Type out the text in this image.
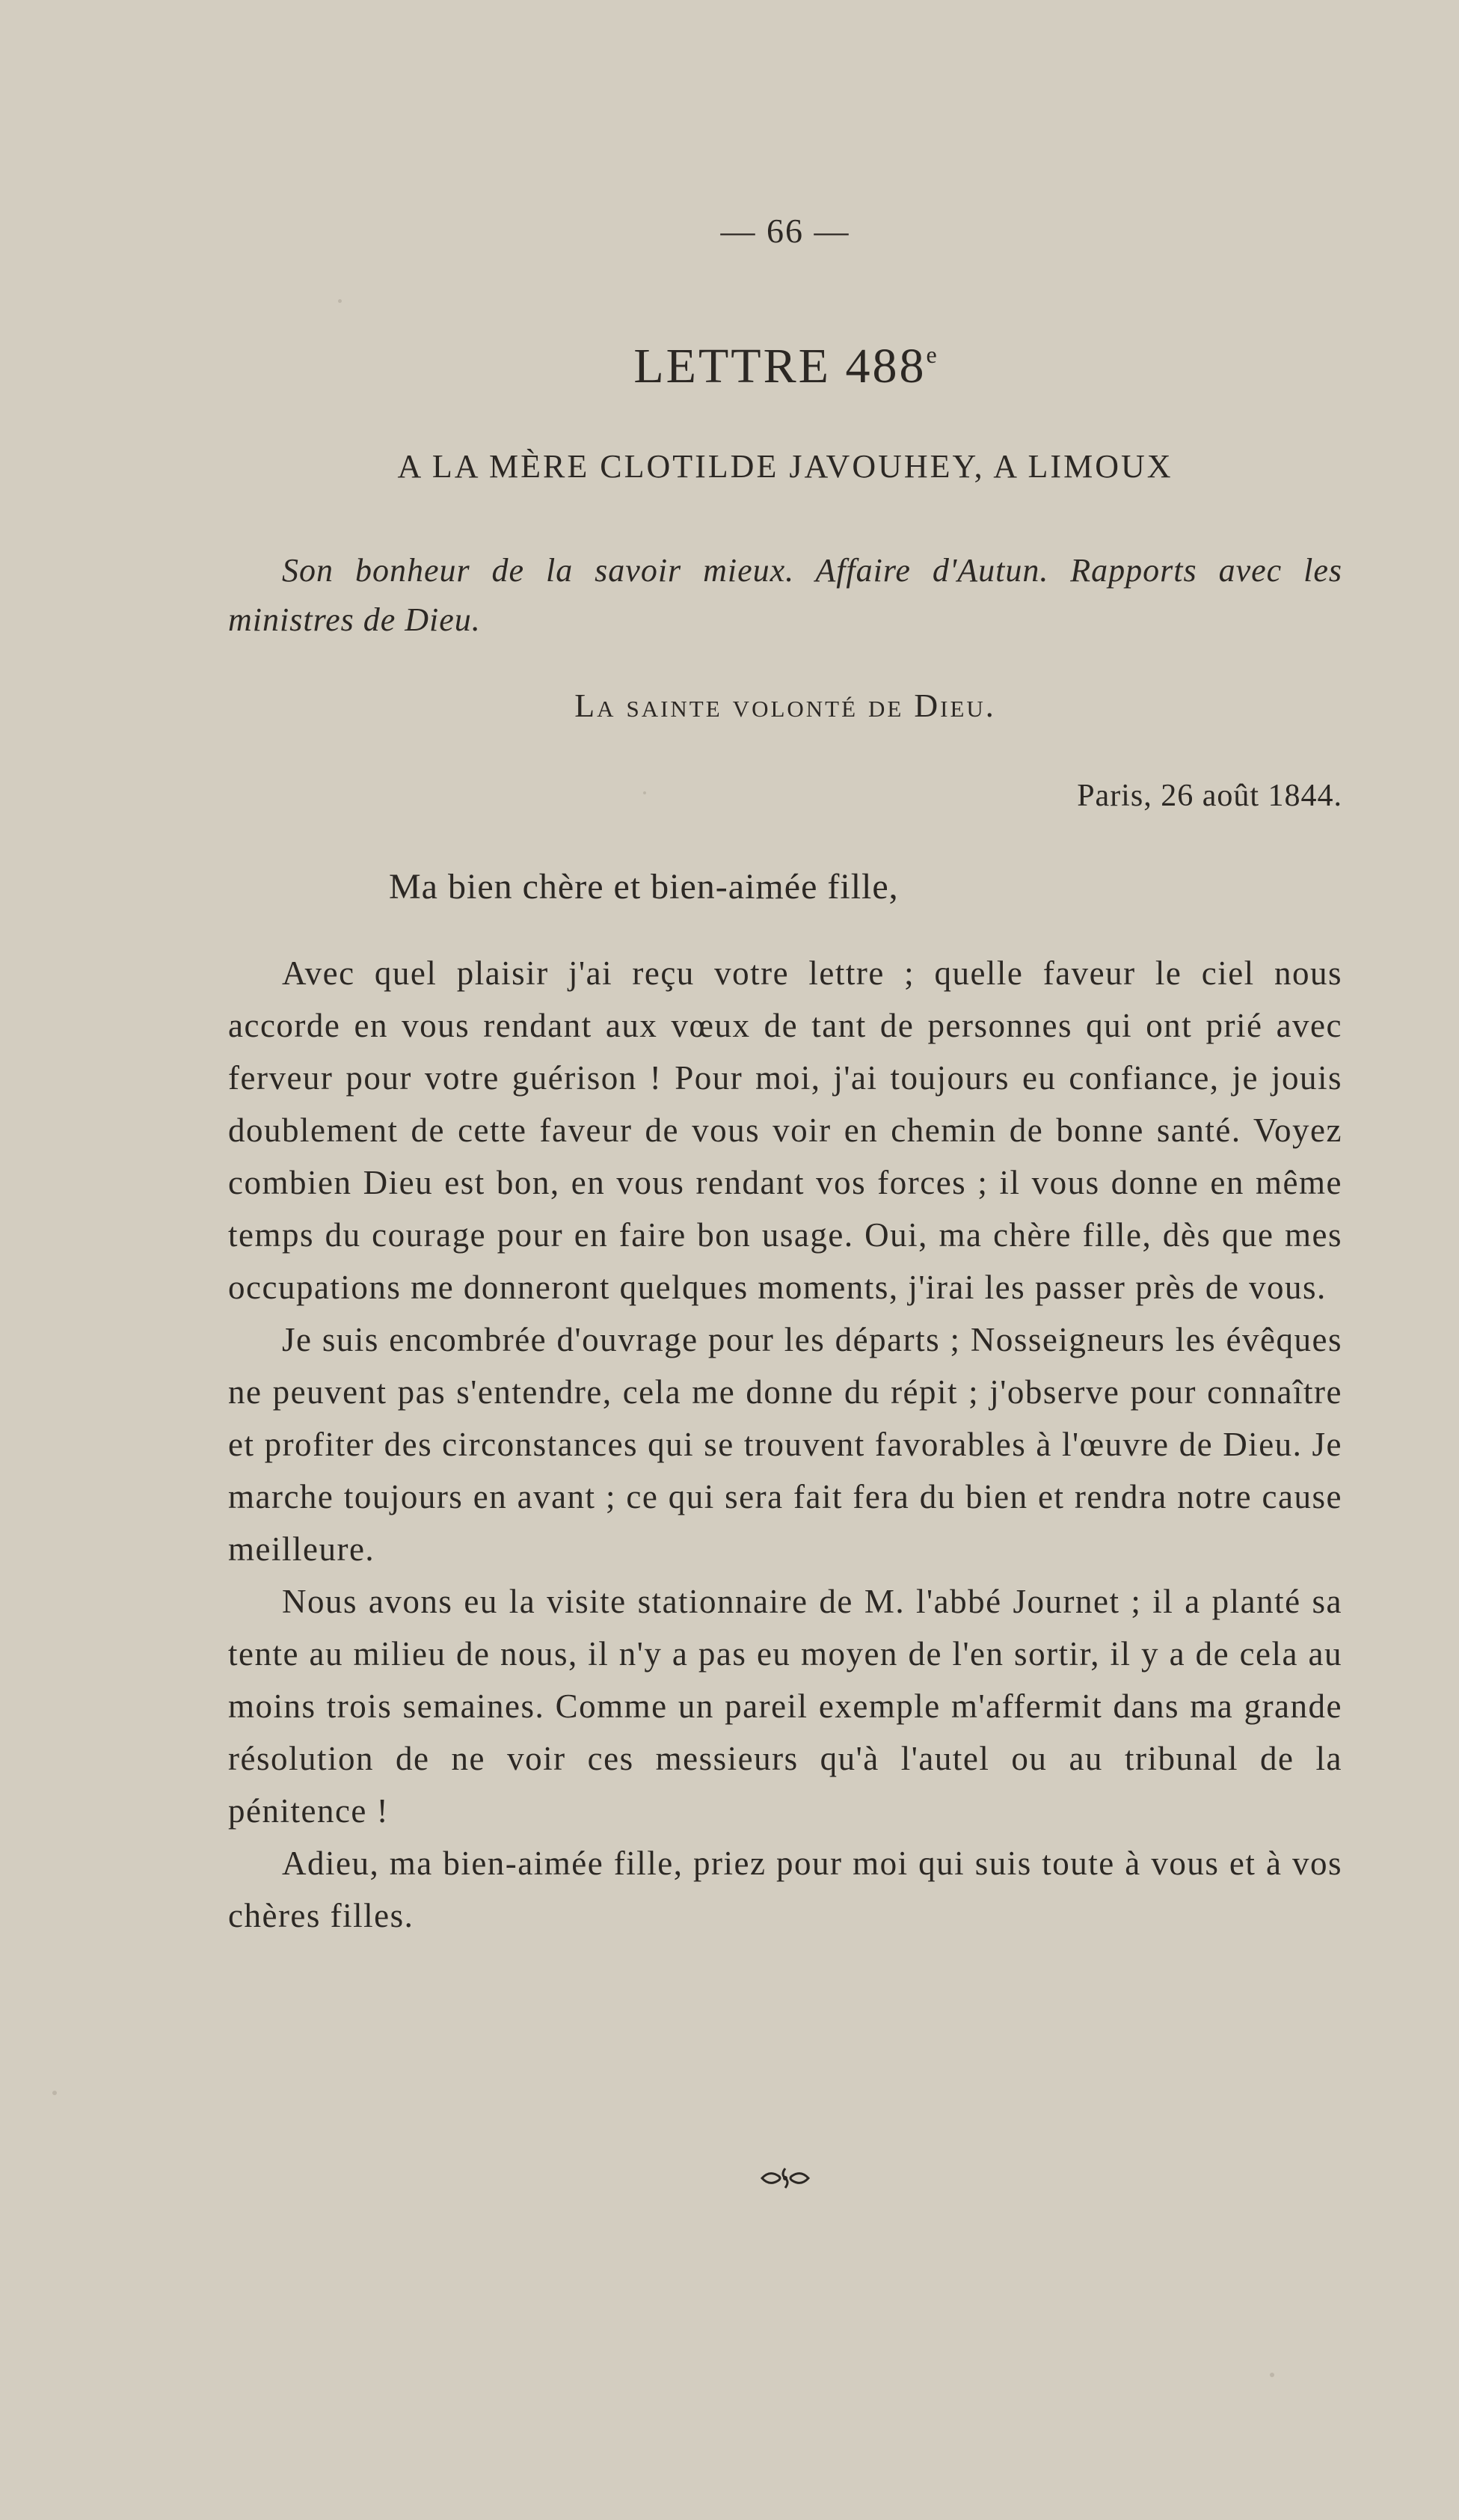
— 66 —
LETTRE 488e
A LA MÈRE CLOTILDE JAVOUHEY, A LIMOUX
Son bonheur de la savoir mieux. Affaire d'Autun. Rapports avec les ministres de Dieu.
La sainte volonté de Dieu.
Paris, 26 août 1844.
Ma bien chère et bien-aimée fille,

Avec quel plaisir j'ai reçu votre lettre ; quelle faveur le ciel nous accorde en vous rendant aux vœux de tant de personnes qui ont prié avec ferveur pour votre guérison ! Pour moi, j'ai toujours eu confiance, je jouis doublement de cette faveur de vous voir en chemin de bonne santé. Voyez combien Dieu est bon, en vous rendant vos forces ; il vous donne en même temps du courage pour en faire bon usage. Oui, ma chère fille, dès que mes occupations me donneront quelques moments, j'irai les passer près de vous.

Je suis encombrée d'ouvrage pour les départs ; Nosseigneurs les évêques ne peuvent pas s'entendre, cela me donne du répit ; j'observe pour connaître et profiter des circonstances qui se trouvent favorables à l'œuvre de Dieu. Je marche toujours en avant ; ce qui sera fait fera du bien et rendra notre cause meilleure.

Nous avons eu la visite stationnaire de M. l'abbé Journet ; il a planté sa tente au milieu de nous, il n'y a pas eu moyen de l'en sortir, il y a de cela au moins trois semaines. Comme un pareil exemple m'affermit dans ma grande résolution de ne voir ces messieurs qu'à l'autel ou au tribunal de la pénitence !

Adieu, ma bien-aimée fille, priez pour moi qui suis toute à vous et à vos chères filles.
